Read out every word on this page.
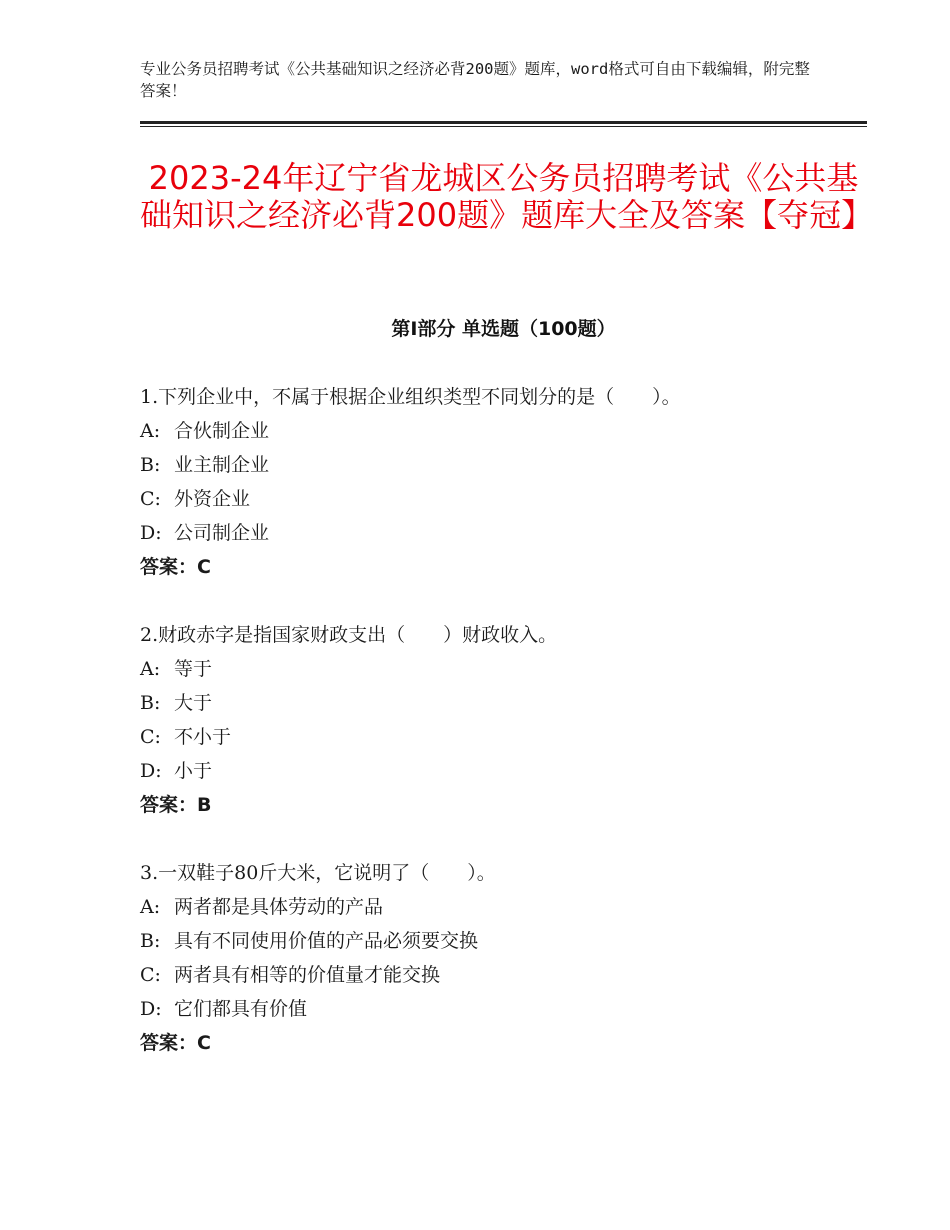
专业公务员招聘考试《公共基础知识之经济必背200题》题库，word格式可自由下载编辑，附完整答案！
2023-24年辽宁省龙城区公务员招聘考试《公共基础知识之经济必背200题》题库大全及答案【夺冠】
第Ⅰ部分 单选题（100题）
1.下列企业中，不属于根据企业组织类型不同划分的是（　　）。
A: 合伙制企业
B: 业主制企业
C: 外资企业
D: 公司制企业
答案：C
2.财政赤字是指国家财政支出（　　）财政收入。
A: 等于
B: 大于
C: 不小于
D: 小于
答案：B
3.一双鞋子80斤大米，它说明了（　　）。
A: 两者都是具体劳动的产品
B: 具有不同使用价值的产品必须要交换
C: 两者具有相等的价值量才能交换
D: 它们都具有价值
答案：C
